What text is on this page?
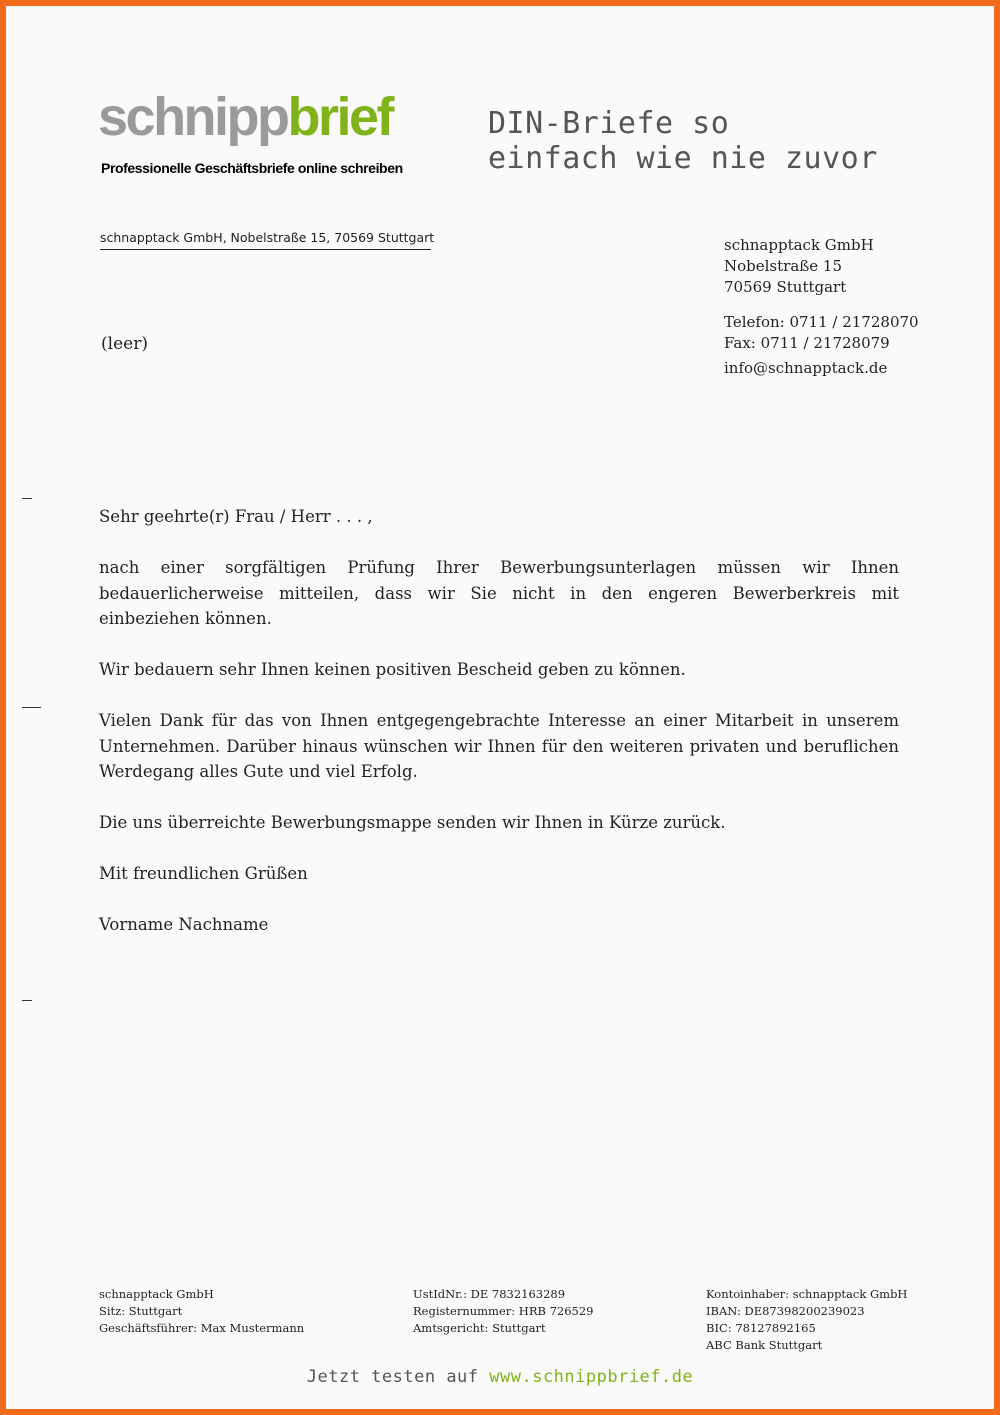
schnippbrief
Professionelle Geschäftsbriefe online schreiben
DIN-Briefe so
einfach wie nie zuvor
schnapptack GmbH, Nobelstraße 15, 70569 Stuttgart
(leer)
schnapptack GmbH
Nobelstraße 15
70569 Stuttgart
Telefon: 0711 / 21728070
Fax: 0711 / 21728079
info@schnapptack.de

Sehr geehrte(r) Frau / Herr . . . ,

nach einer sorgfältigen Prüfung Ihrer Bewerbungsunterlagen müssen wir Ihnen bedauerlicherweise mitteilen, dass wir Sie nicht in den engeren Bewerberkreis mit einbeziehen können.

Wir bedauern sehr Ihnen keinen positiven Bescheid geben zu können.

Vielen Dank für das von Ihnen entgegengebrachte Interesse an einer Mitarbeit in unserem Unternehmen. Darüber hinaus wünschen wir Ihnen für den weiteren privaten und beruflichen Werdegang alles Gute und viel Erfolg.

Die uns überreichte Bewerbungsmappe senden wir Ihnen in Kürze zurück.

Mit freundlichen Grüßen

Vorname Nachname

schnapptack GmbH
Sitz: Stuttgart
Geschäftsführer: Max Mustermann
UstIdNr.: DE 7832163289
Registernummer: HRB 726529
Amtsgericht: Stuttgart
Kontoinhaber: schnapptack GmbH
IBAN: DE87398200239023
BIC: 78127892165
ABC Bank Stuttgart
Jetzt testen auf www.schnippbrief.de
